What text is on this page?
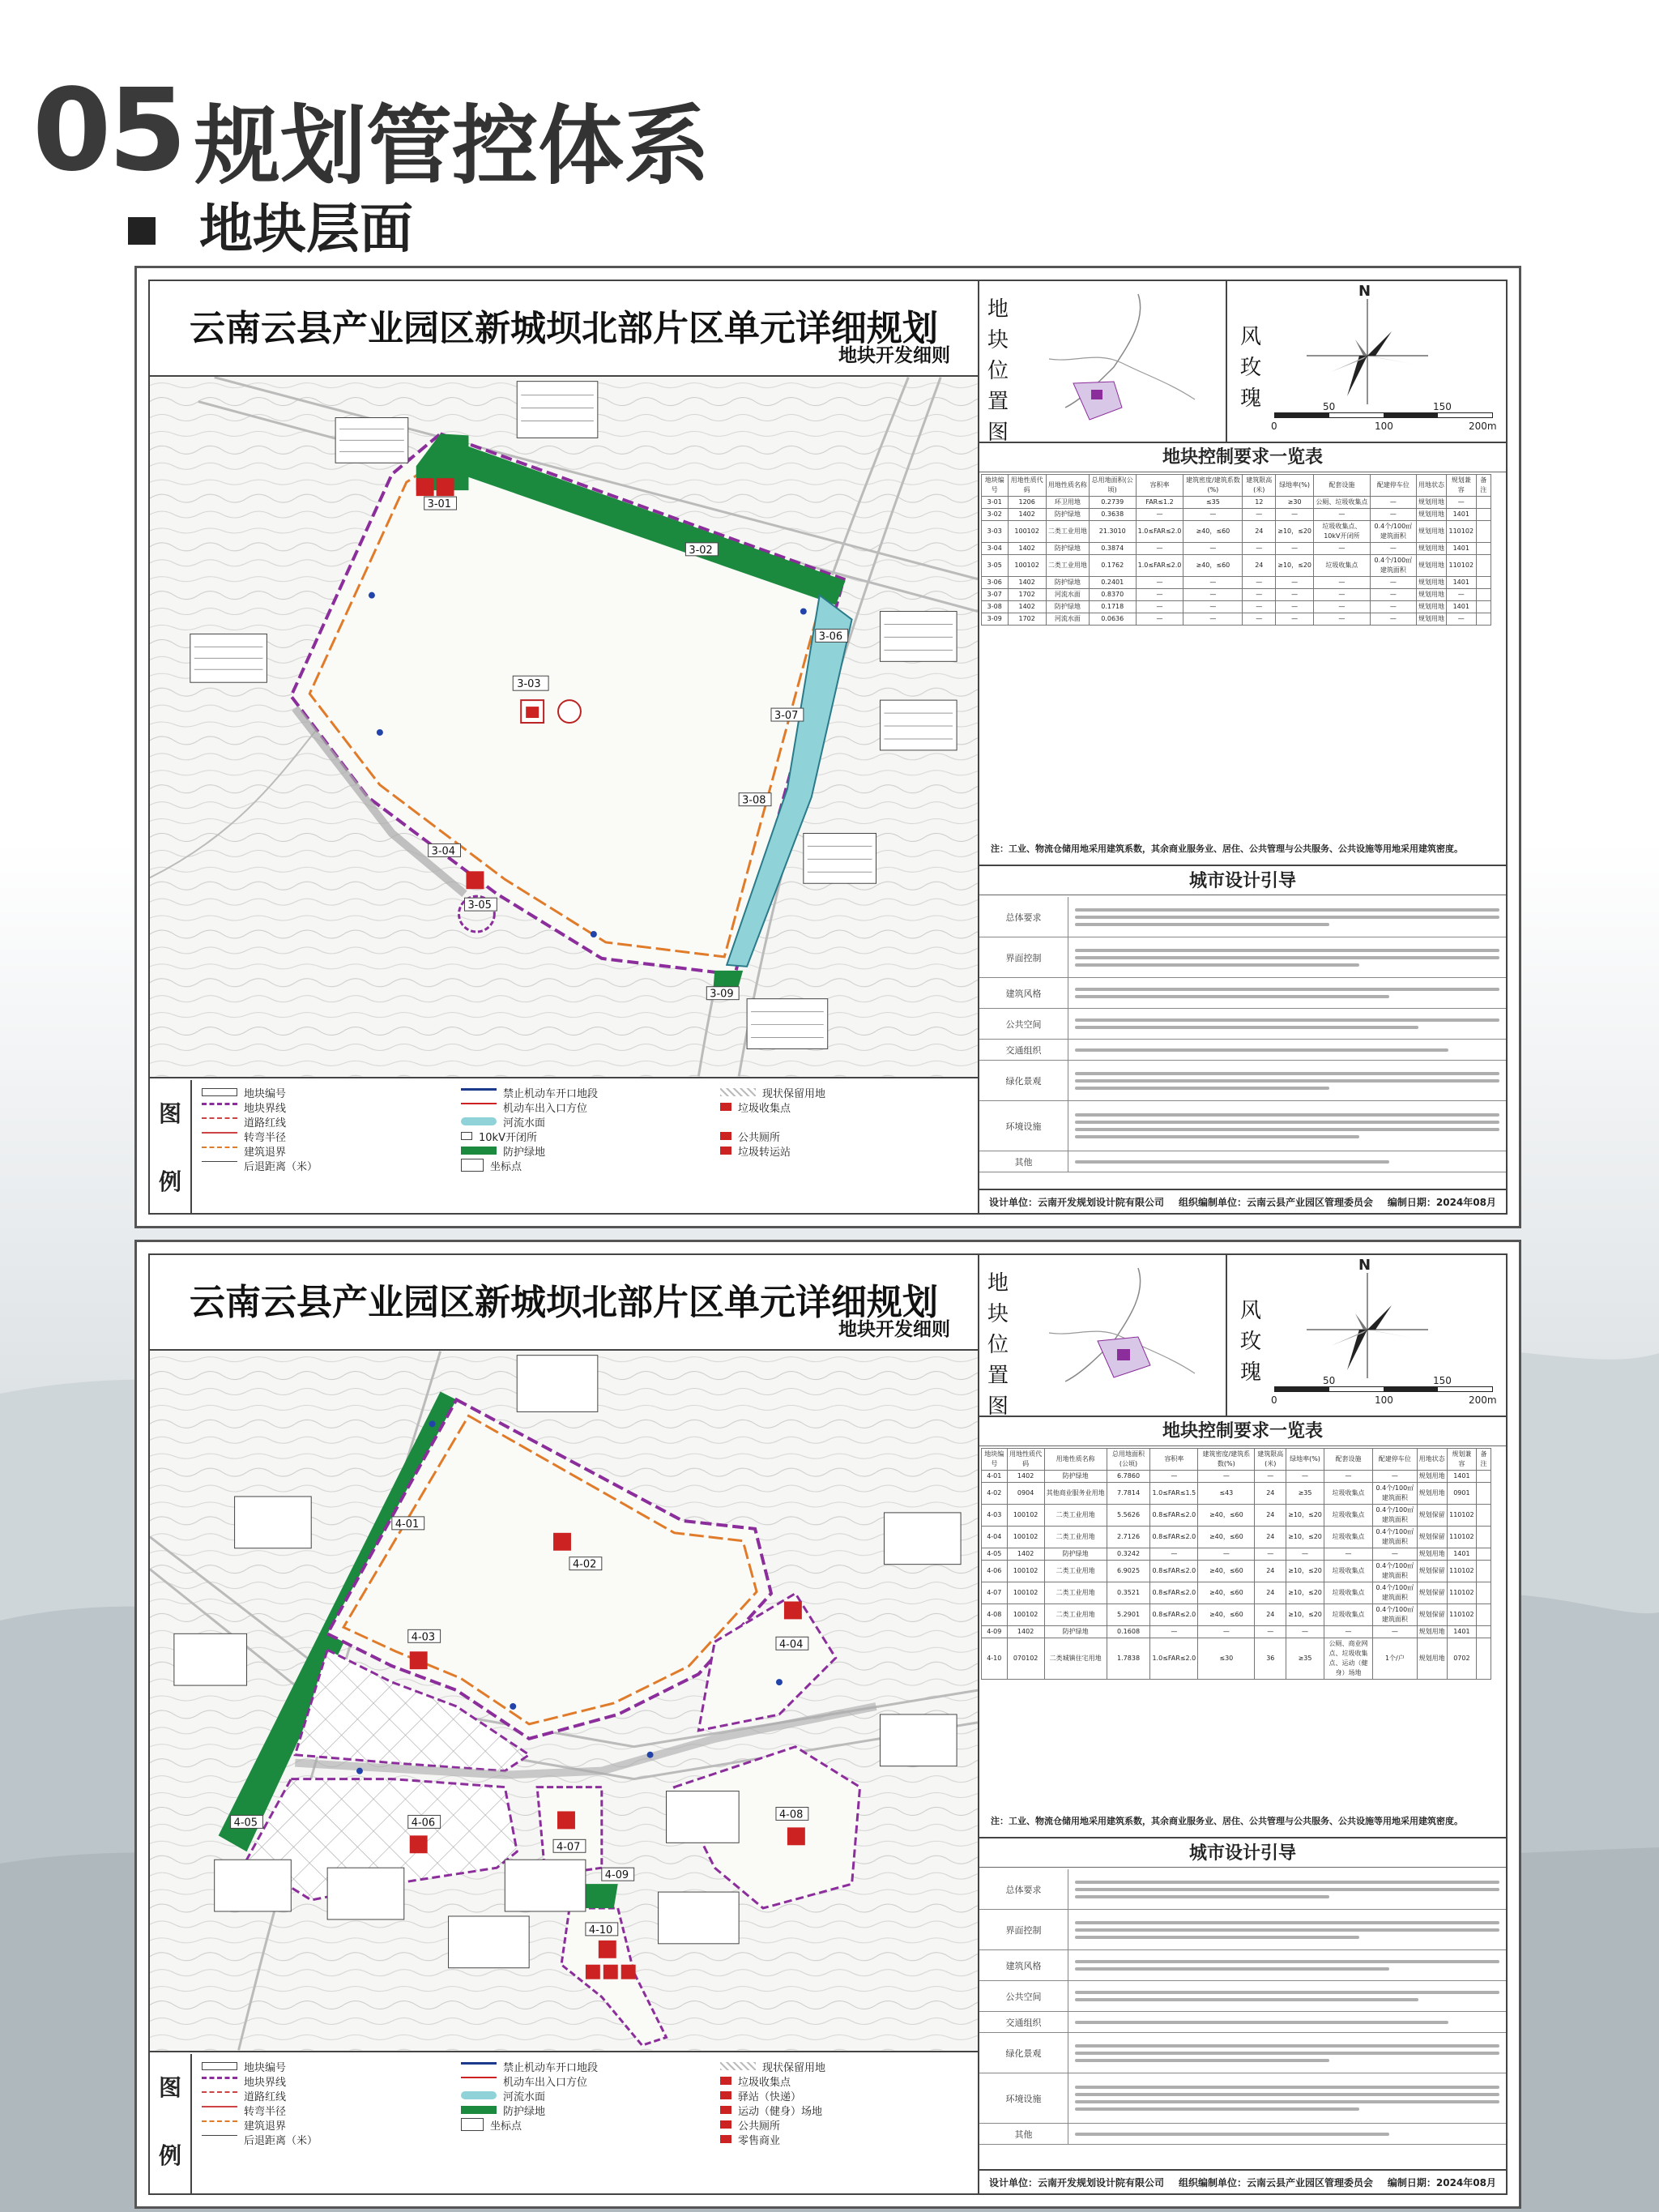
05 规划管控体系
地块层面
云南云县产业园区新城坝北部片区单元详细规划
地块开发细则
3-01
3-02
3-03
3-04
3-05
3-06
3-07
3-08
3-09
图
例
地块编号	禁止机动车开口地段	现状保留用地
地块界线	机动车出入口方位	垃圾收集点
道路红线	河流水面
转弯半径	10kV开闭所	公共厕所
建筑退界	防护绿地	垃圾转运站
后退距离（米）	坐标点
地
块
位
置
图
风
玫
瑰
N
0
50
100
150
200m
地块控制要求一览表
地块编号	用地性质代码	用地性质名称	总用地面积(公顷)	容积率	建筑密度/建筑系数(%)	建筑限高(米)	绿地率(%)	配套设施	配建停车位	用地状态	规划兼容	备注
3-01	1206	环卫用地	0.2739	FAR≤1.2	≤35	12	≥30	公厕、垃圾收集点	—	规划用地	—	
3-02	1402	防护绿地	0.3638	—	—	—	—	—	—	规划用地	1401	
3-03	100102	二类工业用地	21.3010	1.0≤FAR≤2.0	≥40，≤60	24	≥10，≤20	垃圾收集点、10kV开闭所	0.4个/100㎡建筑面积	规划用地	110102	
3-04	1402	防护绿地	0.3874	—	—	—	—	—	—	规划用地	1401	
3-05	100102	二类工业用地	0.1762	1.0≤FAR≤2.0	≥40，≤60	24	≥10，≤20	垃圾收集点	0.4个/100㎡建筑面积	规划用地	110102	
3-06	1402	防护绿地	0.2401	—	—	—	—	—	—	规划用地	1401	
3-07	1702	河流水面	0.8370	—	—	—	—	—	—	规划用地	—	
3-08	1402	防护绿地	0.1718	—	—	—	—	—	—	规划用地	1401	
3-09	1702	河流水面	0.0636	—	—	—	—	—	—	规划用地	—	
注：工业、物流仓储用地采用建筑系数，其余商业服务业、居住、公共管理与公共服务、公共设施等用地采用建筑密度。
城市设计引导
总体要求
界面控制
建筑风格
公共空间
交通组织
绿化景观
环境设施
其他
设计单位：云南开发规划设计院有限公司 组织编制单位：云南云县产业园区管理委员会 编制日期：2024年08月
云南云县产业园区新城坝北部片区单元详细规划
地块开发细则
4-01
4-02
4-03
4-04
4-05	4-06
4-07
4-08
4-09
4-10
图
例
地块编号	禁止机动车开口地段	现状保留用地
地块界线	机动车出入口方位	垃圾收集点
道路红线	河流水面	驿站（快递）
转弯半径	防护绿地	运动（健身）场地
建筑退界	坐标点	公共厕所
后退距离（米）	零售商业
地
块
位
置
图
风
玫
瑰
N
0
50
100
150
200m
地块控制要求一览表
地块编号	用地性质代码	用地性质名称	总用地面积(公顷)	容积率	建筑密度/建筑系数(%)	建筑限高(米)	绿地率(%)	配套设施	配建停车位	用地状态	规划兼容	备注
4-01	1402	防护绿地	6.7860	—	—	—	—	—	—	规划用地	1401	
4-02	0904	其他商业服务业用地	7.7814	1.0≤FAR≤1.5	≤43	24	≥35	垃圾收集点	0.4个/100㎡建筑面积	规划用地	0901	
4-03	100102	二类工业用地	5.5626	0.8≤FAR≤2.0	≥40，≤60	24	≥10，≤20	垃圾收集点	0.4个/100㎡建筑面积	规划保留	110102	
4-04	100102	二类工业用地	2.7126	0.8≤FAR≤2.0	≥40，≤60	24	≥10，≤20	垃圾收集点	0.4个/100㎡建筑面积	规划保留	110102	
4-05	1402	防护绿地	0.3242	—	—	—	—	—	—	规划用地	1401	
4-06	100102	二类工业用地	6.9025	0.8≤FAR≤2.0	≥40，≤60	24	≥10，≤20	垃圾收集点	0.4个/100㎡建筑面积	规划保留	110102	
4-07	100102	二类工业用地	0.3521	0.8≤FAR≤2.0	≥40，≤60	24	≥10，≤20	垃圾收集点	0.4个/100㎡建筑面积	规划保留	110102	
4-08	100102	二类工业用地	5.2901	0.8≤FAR≤2.0	≥40，≤60	24	≥10，≤20	垃圾收集点	0.4个/100㎡建筑面积	规划保留	110102	
4-09	1402	防护绿地	0.1608	—	—	—	—	—	—	规划用地	1401	
4-10	070102	二类城镇住宅用地	1.7838	1.0≤FAR≤2.0	≤30	36	≥35	公厕、商业网点、垃圾收集点、运动（健身）场地	1个/户	规划用地	0702	
注：工业、物流仓储用地采用建筑系数，其余商业服务业、居住、公共管理与公共服务、公共设施等用地采用建筑密度。
城市设计引导
总体要求
界面控制
建筑风格
公共空间
交通组织
绿化景观
环境设施
其他
设计单位：云南开发规划设计院有限公司 组织编制单位：云南云县产业园区管理委员会 编制日期：2024年08月
